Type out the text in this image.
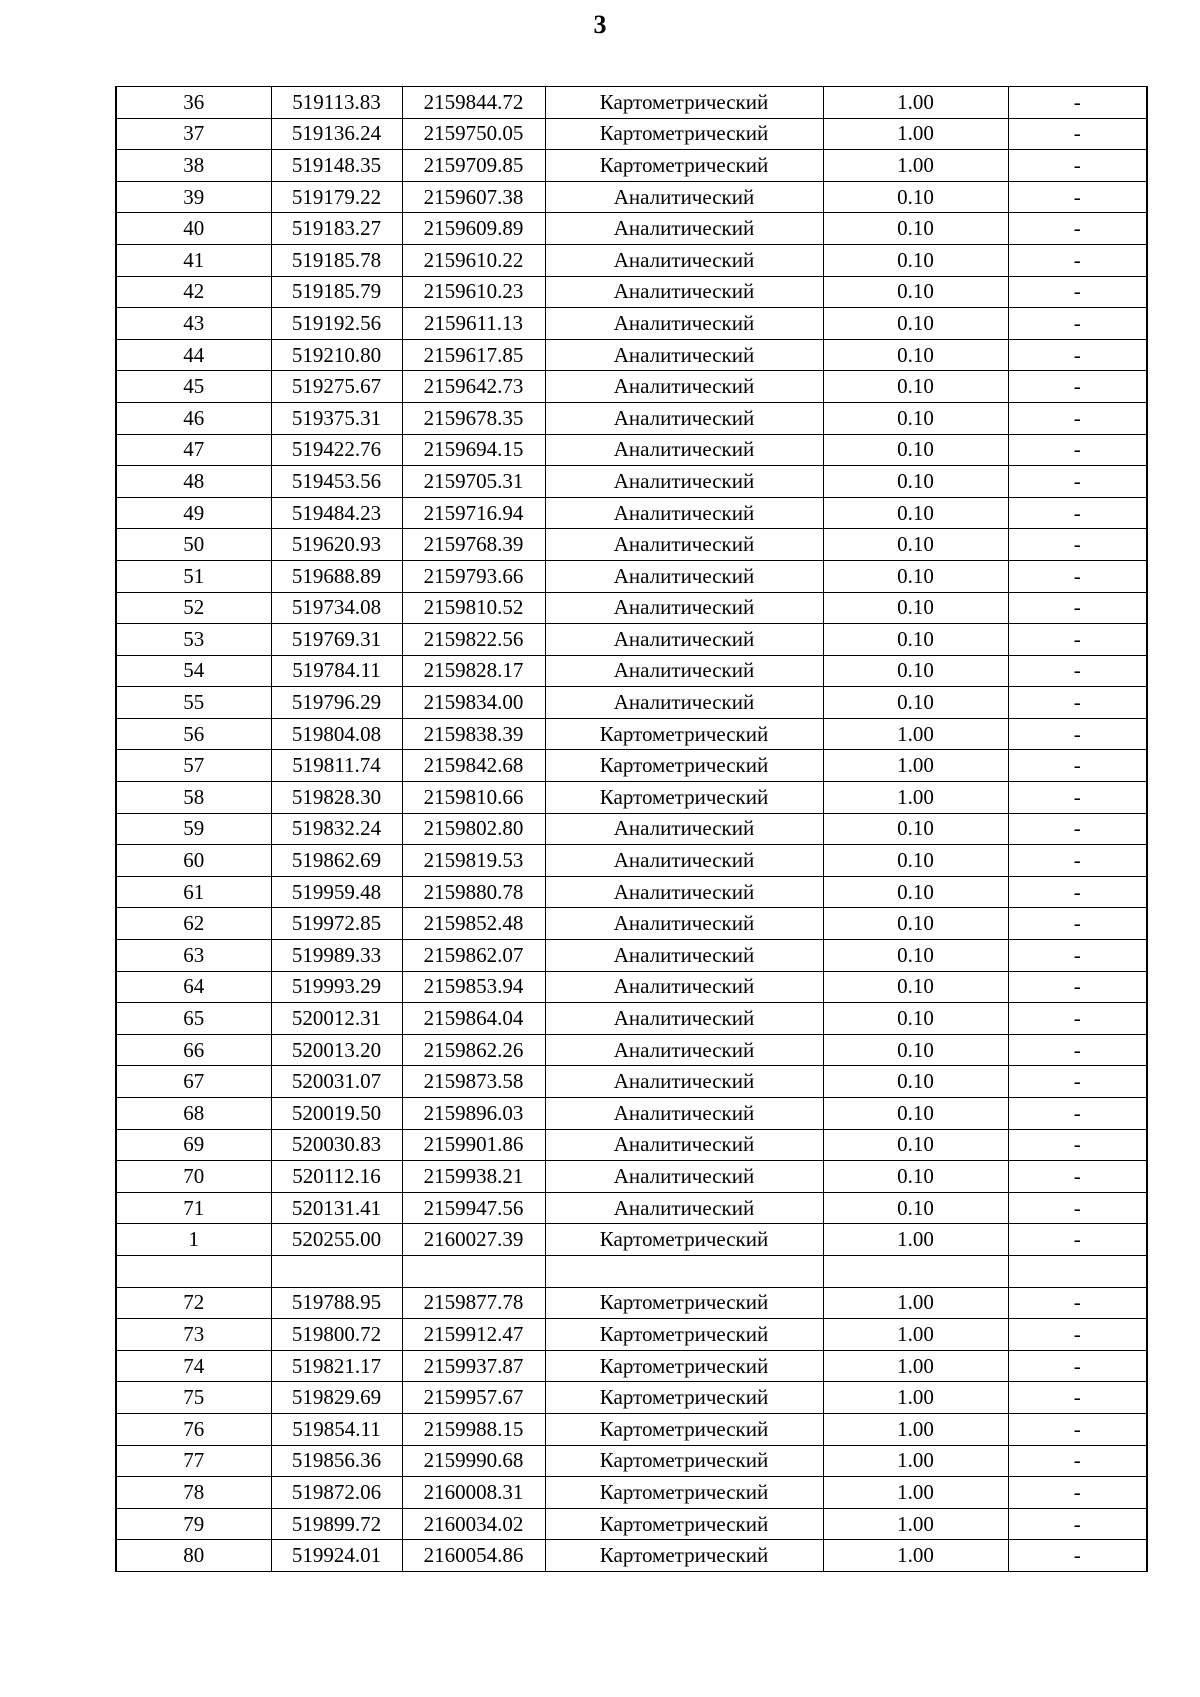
3
36	519113.83	2159844.72	Картометрический	1.00	-
37	519136.24	2159750.05	Картометрический	1.00	-
38	519148.35	2159709.85	Картометрический	1.00	-
39	519179.22	2159607.38	Аналитический	0.10	-
40	519183.27	2159609.89	Аналитический	0.10	-
41	519185.78	2159610.22	Аналитический	0.10	-
42	519185.79	2159610.23	Аналитический	0.10	-
43	519192.56	2159611.13	Аналитический	0.10	-
44	519210.80	2159617.85	Аналитический	0.10	-
45	519275.67	2159642.73	Аналитический	0.10	-
46	519375.31	2159678.35	Аналитический	0.10	-
47	519422.76	2159694.15	Аналитический	0.10	-
48	519453.56	2159705.31	Аналитический	0.10	-
49	519484.23	2159716.94	Аналитический	0.10	-
50	519620.93	2159768.39	Аналитический	0.10	-
51	519688.89	2159793.66	Аналитический	0.10	-
52	519734.08	2159810.52	Аналитический	0.10	-
53	519769.31	2159822.56	Аналитический	0.10	-
54	519784.11	2159828.17	Аналитический	0.10	-
55	519796.29	2159834.00	Аналитический	0.10	-
56	519804.08	2159838.39	Картометрический	1.00	-
57	519811.74	2159842.68	Картометрический	1.00	-
58	519828.30	2159810.66	Картометрический	1.00	-
59	519832.24	2159802.80	Аналитический	0.10	-
60	519862.69	2159819.53	Аналитический	0.10	-
61	519959.48	2159880.78	Аналитический	0.10	-
62	519972.85	2159852.48	Аналитический	0.10	-
63	519989.33	2159862.07	Аналитический	0.10	-
64	519993.29	2159853.94	Аналитический	0.10	-
65	520012.31	2159864.04	Аналитический	0.10	-
66	520013.20	2159862.26	Аналитический	0.10	-
67	520031.07	2159873.58	Аналитический	0.10	-
68	520019.50	2159896.03	Аналитический	0.10	-
69	520030.83	2159901.86	Аналитический	0.10	-
70	520112.16	2159938.21	Аналитический	0.10	-
71	520131.41	2159947.56	Аналитический	0.10	-
1	520255.00	2160027.39	Картометрический	1.00	-

72	519788.95	2159877.78	Картометрический	1.00	-
73	519800.72	2159912.47	Картометрический	1.00	-
74	519821.17	2159937.87	Картометрический	1.00	-
75	519829.69	2159957.67	Картометрический	1.00	-
76	519854.11	2159988.15	Картометрический	1.00	-
77	519856.36	2159990.68	Картометрический	1.00	-
78	519872.06	2160008.31	Картометрический	1.00	-
79	519899.72	2160034.02	Картометрический	1.00	-
80	519924.01	2160054.86	Картометрический	1.00	-
